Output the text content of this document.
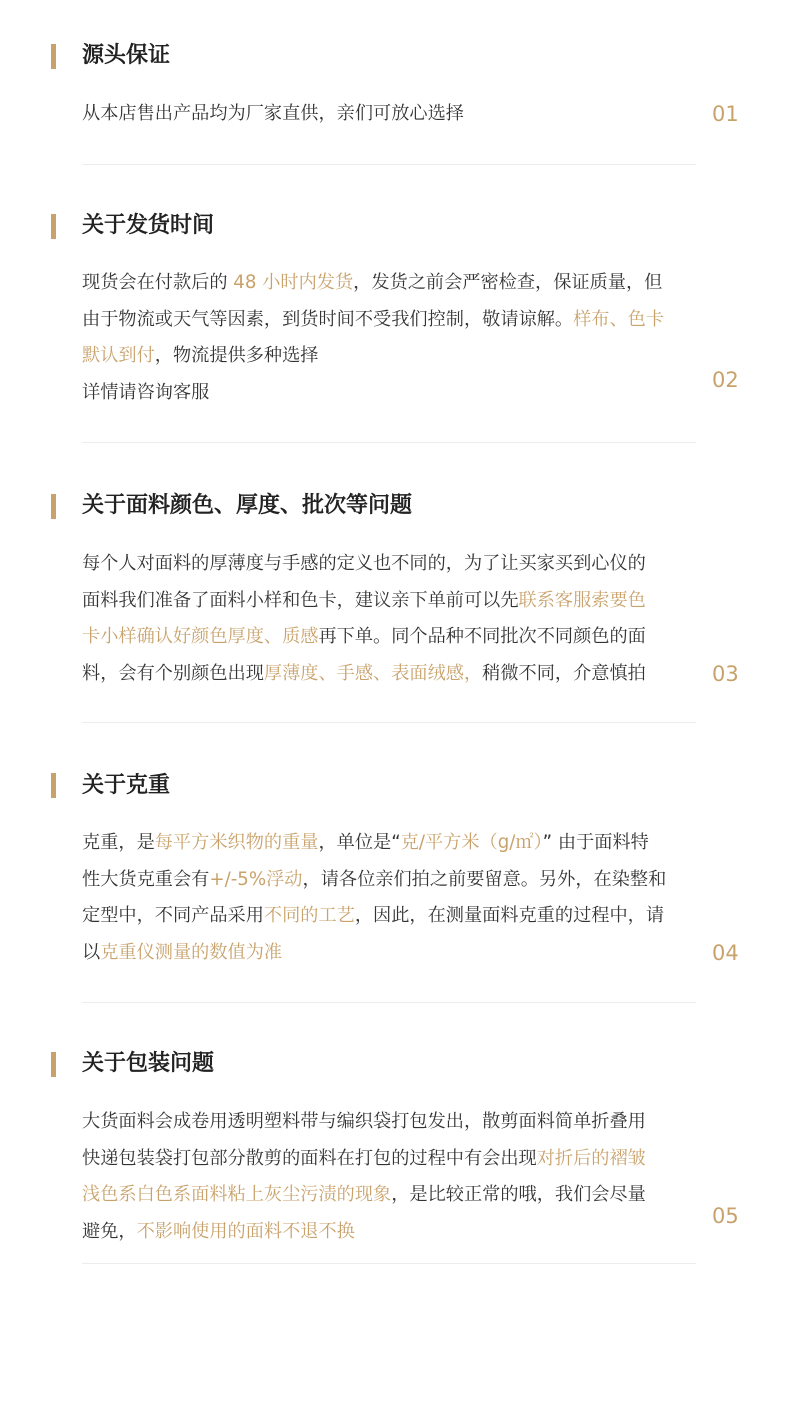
源头保证
从本店售出产品均为厂家直供，亲们可放心选择	01
关于发货时间
现货会在付款后的 48 小时内发货，发货之前会严密检查，保证质量，但
由于物流或天气等因素，到货时间不受我们控制，敬请谅解。样布、色卡
默认到付，物流提供多种选择
详情请咨询客服	02
关于面料颜色、厚度、批次等问题
每个人对面料的厚薄度与手感的定义也不同的，为了让买家买到心仪的
面料我们准备了面料小样和色卡，建议亲下单前可以先联系客服索要色
卡小样确认好颜色厚度、质感再下单。同个品种不同批次不同颜色的面
料，会有个别颜色出现厚薄度、手感、表面绒感，稍微不同，介意慎拍	03
关于克重
克重，是每平方米织物的重量，单位是“克/平方米（g/㎡）” 由于面料特
性大货克重会有+/-5%浮动，请各位亲们拍之前要留意。另外，在染整和
定型中，不同产品采用不同的工艺，因此，在测量面料克重的过程中，请
以克重仪测量的数值为准	04
关于包装问题
大货面料会成卷用透明塑料带与编织袋打包发出，散剪面料简单折叠用
快递包装袋打包部分散剪的面料在打包的过程中有会出现对折后的褶皱
浅色系白色系面料粘上灰尘污渍的现象，是比较正常的哦，我们会尽量
避免，不影响使用的面料不退不换
05
